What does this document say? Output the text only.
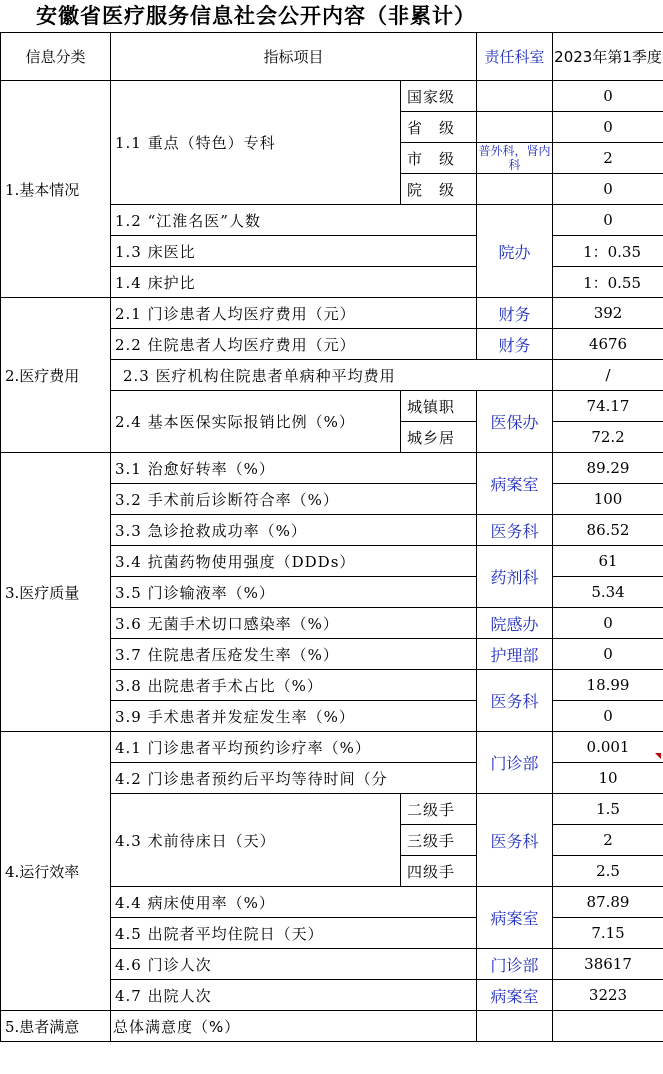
安徽省医疗服务信息社会公开内容（非累计）
信息分类	指标项目		责任科室	2023年第1季度
1.基本情况	1.1 重点（特色）专科	国家级		0
		省　级		0
		市　级	普外科，肾内科	2
		院　级		0
	1.2 “江淮名医”人数		院办	0
	1.3 床医比			1：0.35
	1.4 床护比			1：0.55
2.医疗费用	2.1 门诊患者人均医疗费用（元）		财务	392
	2.2 住院患者人均医疗费用（元）		财务	4676
	2.3 医疗机构住院患者单病种平均费用			/
	2.4 基本医保实际报销比例（%）	城镇职	医保办	74.17
		城乡居		72.2
3.医疗质量	3.1 治愈好转率（%）		病案室	89.29
	3.2 手术前后诊断符合率（%）			100
	3.3 急诊抢救成功率（%）		医务科	86.52
	3.4 抗菌药物使用强度（DDDs）		药剂科	61
	3.5 门诊输液率（%）			5.34
	3.6 无菌手术切口感染率（%）		院感办	0
	3.7 住院患者压疮发生率（%）		护理部	0
	3.8 出院患者手术占比（%）		医务科	18.99
	3.9 手术患者并发症发生率（%）			0
4.运行效率	4.1 门诊患者平均预约诊疗率（%）		门诊部	0.001
	4.2 门诊患者预约后平均等待时间（分			10
	4.3 术前待床日（天）	二级手	医务科	1.5
		三级手		2
		四级手		2.5
	4.4 病床使用率（%）		病案室	87.89
	4.5 出院者平均住院日（天）			7.15
	4.6 门诊人次		门诊部	38617
	4.7 出院人次		病案室	3223

5.患者满意	总体满意度（%）			
